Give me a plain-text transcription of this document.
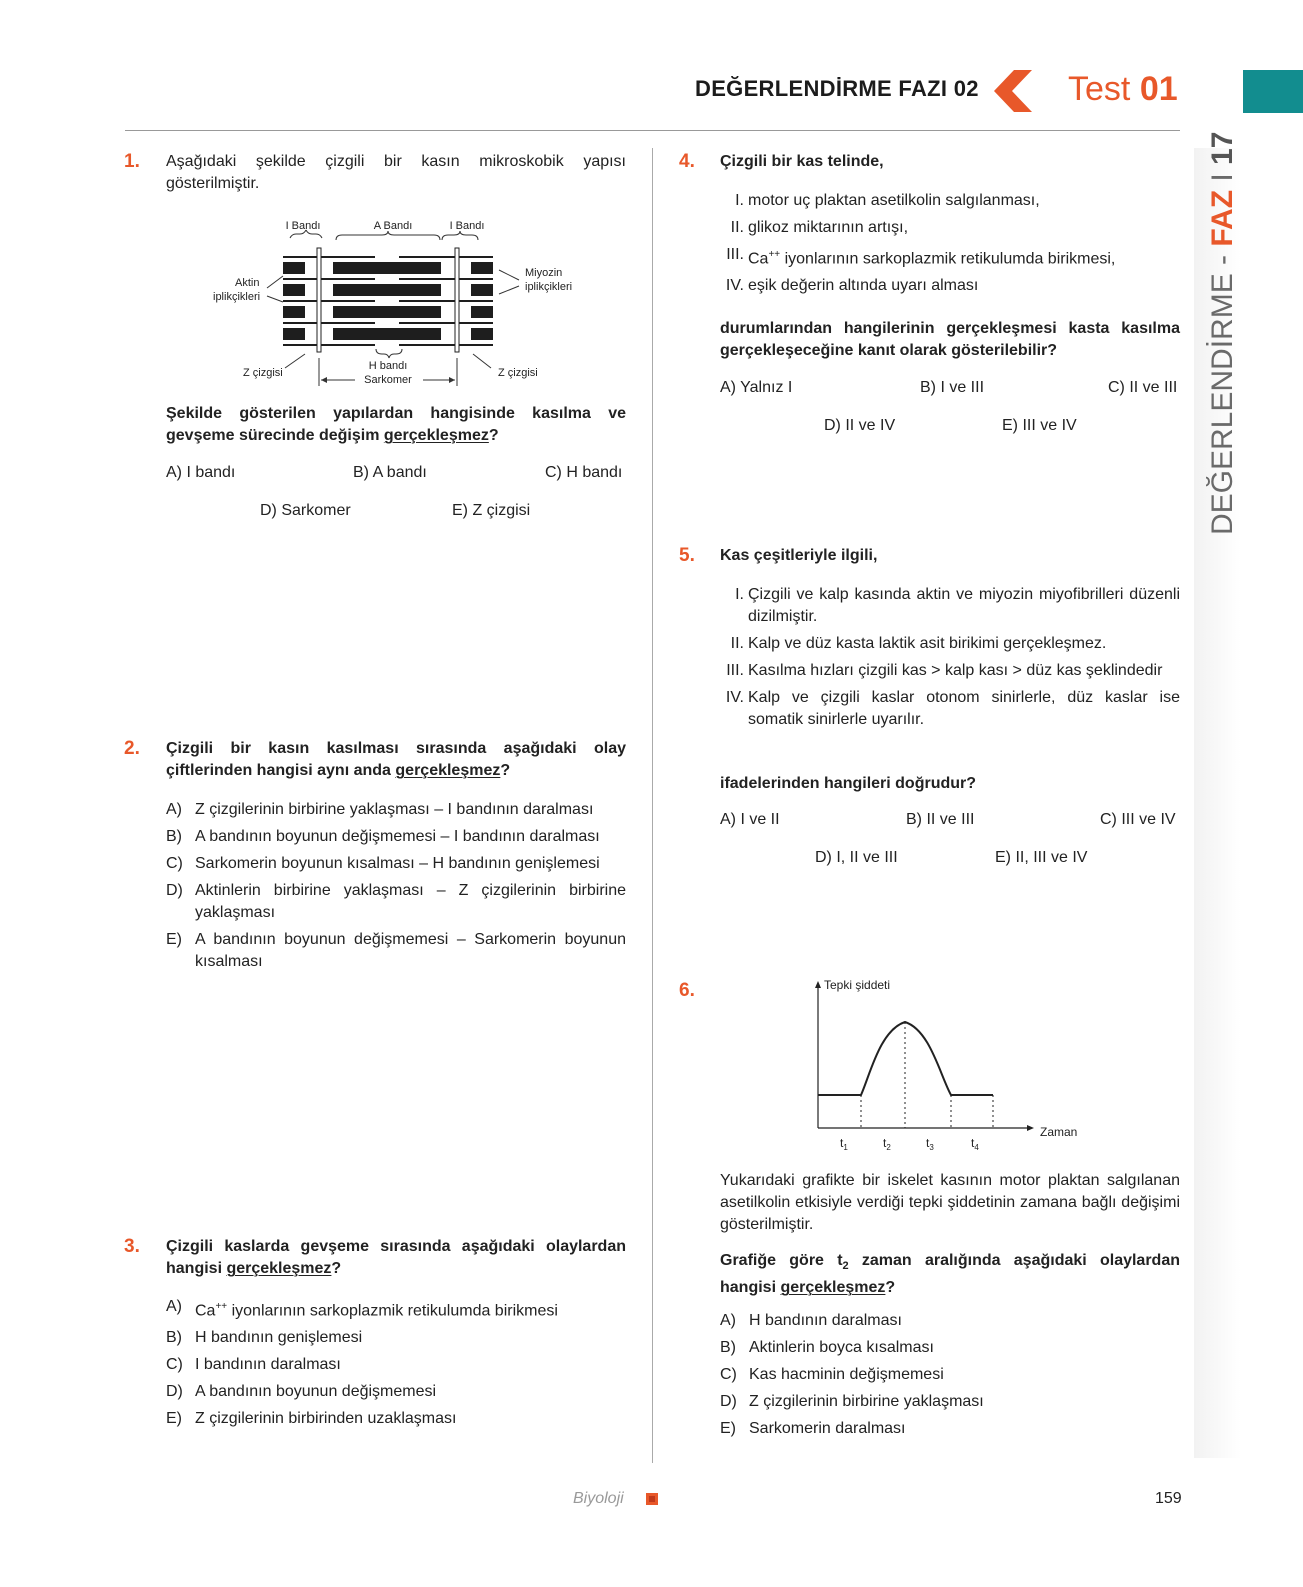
DEĞERLENDİRME FAZI 02	Test 01
DEĞERLENDİRME - FAZ I 17
1. Aşağıdaki şekilde çizgili bir kasın mikroskobik yapısı gösterilmiştir.
I Bandı	A Bandı	I Bandı
Aktin
iplikçikleri
Miyozin
iplikçikleri
Z çizgisi	Z çizgisi
H bandı
Sarkomer
Şekilde gösterilen yapılardan hangisinde kasılma ve gevşeme sürecinde değişim gerçekleşmez?
A) I bandı	B) A bandı	C) H bandı
D) Sarkomer	E) Z çizgisi
2. Çizgili bir kasın kasılması sırasında aşağıdaki olay çiftlerinden hangisi aynı anda gerçekleşmez?
A) Z çizgilerinin birbirine yaklaşması – I bandının daralması
B) A bandının boyunun değişmemesi – I bandının daralması
C) Sarkomerin boyunun kısalması – H bandının genişlemesi
D) Aktinlerin birbirine yaklaşması – Z çizgilerinin birbirine yaklaşması
E) A bandının boyunun değişmemesi – Sarkomerin boyunun kısalması
3. Çizgili kaslarda gevşeme sırasında aşağıdaki olaylardan hangisi gerçekleşmez?
A) Ca++ iyonlarının sarkoplazmik retikulumda birikmesi
B) H bandının genişlemesi
C) I bandının daralması
D) A bandının boyunun değişmemesi
E) Z çizgilerinin birbirinden uzaklaşması
4. Çizgili bir kas telinde,
I. motor uç plaktan asetilkolin salgılanması,
II. glikoz miktarının artışı,
III. Ca++ iyonlarının sarkoplazmik retikulumda birikmesi,
IV. eşik değerin altında uyarı alması
durumlarından hangilerinin gerçekleşmesi kasta kasılma gerçekleşeceğine kanıt olarak gösterilebilir?
A) Yalnız I	B) I ve III	C) II ve III
D) II ve IV	E) III ve IV
5. Kas çeşitleriyle ilgili,
I. Çizgili ve kalp kasında aktin ve miyozin miyofibrilleri düzenli dizilmiştir.
II. Kalp ve düz kasta laktik asit birikimi gerçekleşmez.
III. Kasılma hızları çizgili kas > kalp kası > düz kas şeklindedir
IV. Kalp ve çizgili kaslar otonom sinirlerle, düz kaslar ise somatik sinirlerle uyarılır.
ifadelerinden hangileri doğrudur?
A) I ve II	B) II ve III	C) III ve IV
D) I, II ve III	E) II, III ve IV
6.	Tepki şiddeti
Zaman
$t_1$	$t_2$	$t_3$	$t_4$
Yukarıdaki grafikte bir iskelet kasının motor plaktan salgılanan asetilkolin etkisiyle verdiği tepki şiddetinin zamana bağlı değişimi gösterilmiştir.
Grafiğe göre $t_2$ zaman aralığında aşağıdaki olaylardan hangisi gerçekleşmez?
A) H bandının daralması
B) Aktinlerin boyca kısalması
C) Kas hacminin değişmemesi
D) Z çizgilerinin birbirine yaklaşması
E) Sarkomerin daralması
Biyoloji	159
